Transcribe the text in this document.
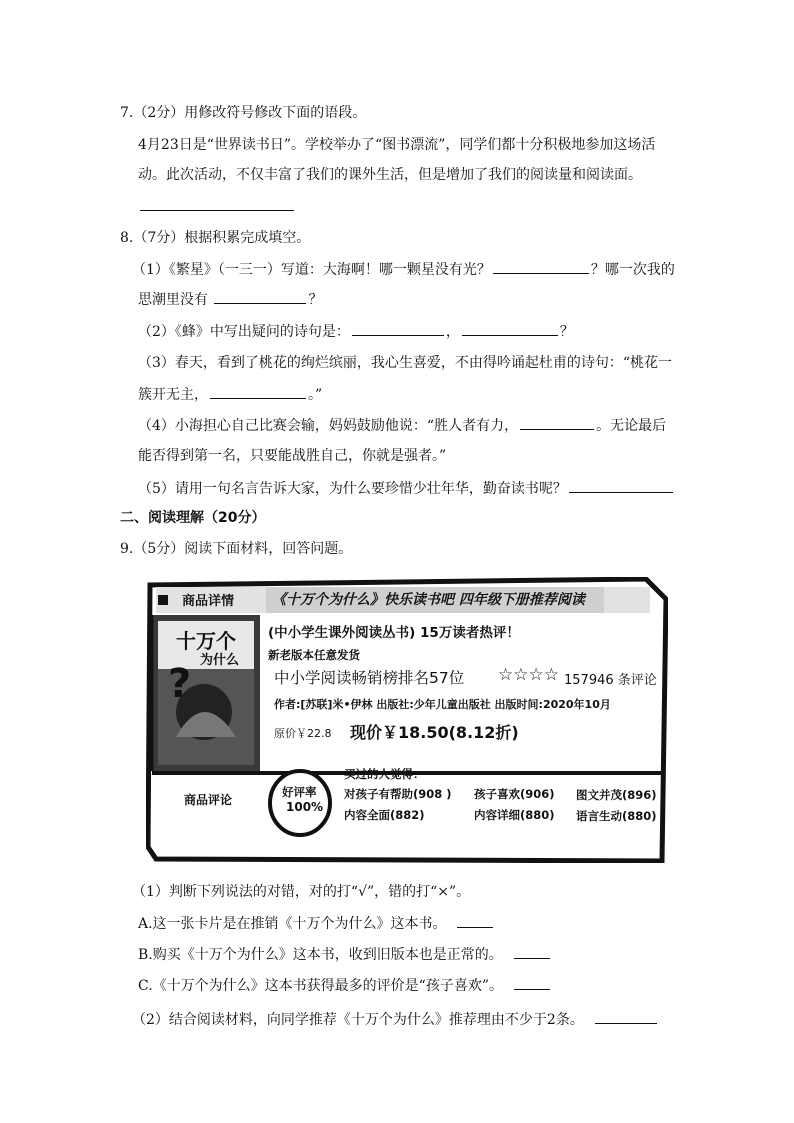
7.（2分）用修改符号修改下面的语段。
4月23日是“世界读书日”。学校举办了“图书漂流”，同学们都十分积极地参加这场活
动。此次活动，不仅丰富了我们的课外生活，但是增加了我们的阅读量和阅读面。
8.（7分）根据积累完成填空。
（1）《繁星》（一三一）写道：大海啊！哪一颗星没有光？	？哪一次我的
思潮里没有	？
（2）《蜂》中写出疑问的诗句是：	，	？
（3）春天，看到了桃花的绚烂缤丽，我心生喜爱，不由得吟诵起杜甫的诗句：“桃花一
簇开无主，	。”
（4）小海担心自己比赛会输，妈妈鼓励他说：“胜人者有力，	。无论最后
能否得到第一名，只要能战胜自己，你就是强者。”
（5）请用一句名言告诉大家，为什么要珍惜少壮年华，勤奋读书呢？
二、阅读理解（20分）
9.（5分）阅读下面材料，回答问题。
?
商品详情	《十万个为什么》快乐读书吧 四年级下册推荐阅读
十万个
为什么
(中小学生课外阅读丛书) 15万读者热评！
新老版本任意发货
中小学阅读畅销榜排名57位 ☆☆☆☆ 157946 条评论
作者:[苏联]米•伊林 出版社:少年儿童出版社 出版时间:2020年10月
原价￥22.8 现价￥18.50(8.12折)
商品评论
好评率
100%
买过的人觉得：
对孩子有帮助(908 ) 孩子喜欢(906) 图文并茂(896)
内容全面(882)	内容详细(880) 语言生动(880)
（1）判断下列说法的对错，对的打“√”，错的打“×”。
A.这一张卡片是在推销《十万个为什么》这本书。
B.购买《十万个为什么》这本书，收到旧版本也是正常的。
C.《十万个为什么》这本书获得最多的评价是“孩子喜欢”。
（2）结合阅读材料，向同学推荐《十万个为什么》推荐理由不少于2条。
